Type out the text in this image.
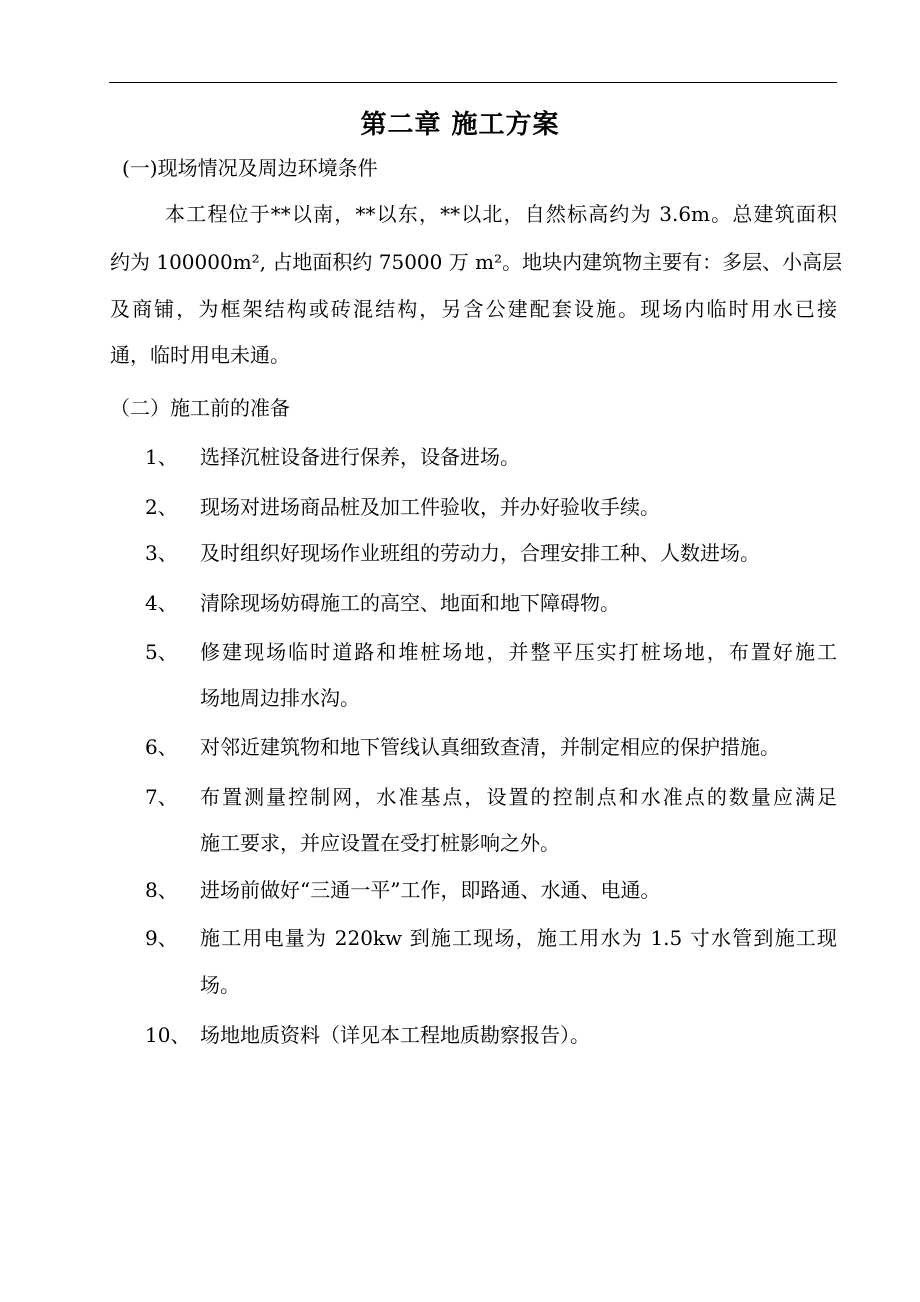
第二章 施工方案
(一)现场情况及周边环境条件
本工程位于**以南，**以东，**以北，自然标高约为 3.6m。总建筑面积
约为 100000m², 占地面积约 75000 万 m²。地块内建筑物主要有：多层、小高层
及商铺，为框架结构或砖混结构，另含公建配套设施。现场内临时用水已接
通，临时用电未通。
（二）施工前的准备
1、 选择沉桩设备进行保养，设备进场。
2、 现场对进场商品桩及加工件验收，并办好验收手续。
3、 及时组织好现场作业班组的劳动力，合理安排工种、人数进场。
4、 清除现场妨碍施工的高空、地面和地下障碍物。
5、 修建现场临时道路和堆桩场地，并整平压实打桩场地，布置好施工
场地周边排水沟。
6、 对邻近建筑物和地下管线认真细致查清，并制定相应的保护措施。
7、 布置测量控制网，水准基点，设置的控制点和水准点的数量应满足
施工要求，并应设置在受打桩影响之外。
8、 进场前做好“三通一平”工作，即路通、水通、电通。
9、 施工用电量为 220kw 到施工现场，施工用水为 1.5 寸水管到施工现
场。
10、 场地地质资料（详见本工程地质勘察报告）。
